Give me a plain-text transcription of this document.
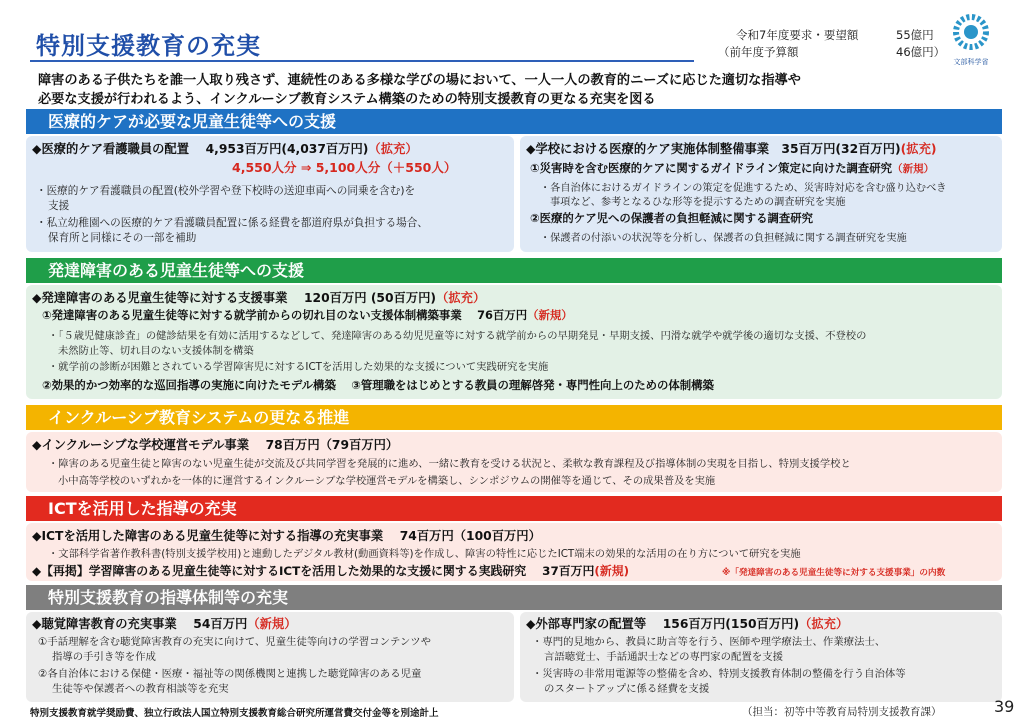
特別支援教育の充実	令和7年度要求・要望額	55億円
（前年度予算額	46億円）
文部科学省
障害のある子供たちを誰一人取り残さず、連続性のある多様な学びの場において、一人一人の教育的ニーズに応じた適切な指導や
必要な支援が行われるよう、インクルーシブ教育システム構築のための特別支援教育の更なる充実を図る
医療的ケアが必要な児童生徒等への支援
◆医療的ケア看護職員の配置　 4,953百万円(4,037百万円)（拡充）
4,550人分 ⇒ 5,100人分（＋550人）
・医療的ケア看護職員の配置(校外学習や登下校時の送迎車両への同乗を含む)を
支援
・私立幼稚園への医療的ケア看護職員配置に係る経費を都道府県が負担する場合、
保育所と同様にその一部を補助
◆学校における医療的ケア実施体制整備事業　35百万円(32百万円)(拡充)
①災害時を含む医療的ケアに関するガイドライン策定に向けた調査研究（新規）
・各自治体におけるガイドラインの策定を促進するため、災害時対応を含む盛り込むべき
事項など、参考となるひな形等を提示するための調査研究を実施
②医療的ケア児への保護者の負担軽減に関する調査研究
・保護者の付添いの状況等を分析し、保護者の負担軽減に関する調査研究を実施
発達障害のある児童生徒等への支援
◆発達障害のある児童生徒等に対する支援事業　 120百万円 (50百万円)（拡充）
①発達障害のある児童生徒等に対する就学前からの切れ目のない支援体制構築事業　 76百万円（新規）
・「５歳児健康診査」の健診結果を有効に活用するなどして、発達障害のある幼児児童等に対する就学前からの早期発見・早期支援、円滑な就学や就学後の適切な支援、不登校の
未然防止等、切れ目のない支援体制を構築
・就学前の診断が困難とされている学習障害児に対するICTを活用した効果的な支援について実践研究を実施
②効果的かつ効率的な巡回指導の実施に向けたモデル構築　 ③管理職をはじめとする教員の理解啓発・専門性向上のための体制構築
インクルーシブ教育システムの更なる推進
◆インクルーシブな学校運営モデル事業　 78百万円（79百万円）
・障害のある児童生徒と障害のない児童生徒が交流及び共同学習を発展的に進め、一緒に教育を受ける状況と、柔軟な教育課程及び指導体制の実現を目指し、特別支援学校と
小中高等学校のいずれかを一体的に運営するインクルーシブな学校運営モデルを構築し、シンポジウムの開催等を通じて、その成果普及を実施
ICTを活用した指導の充実
◆ICTを活用した障害のある児童生徒等に対する指導の充実事業　 74百万円（100百万円）
・文部科学省著作教科書(特別支援学校用)と連動したデジタル教材(動画資料等)を作成し、障害の特性に応じたICT端末の効果的な活用の在り方について研究を実施
◆【再掲】学習障害のある児童生徒等に対するICTを活用した効果的な支援に関する実践研究　 37百万円(新規)	※「発達障害のある児童生徒等に対する支援事業」の内数
特別支援教育の指導体制等の充実
◆聴覚障害教育の充実事業　 54百万円（新規）
①手話理解を含む聴覚障害教育の充実に向けて、児童生徒等向けの学習コンテンツや
指導の手引き等を作成
②各自治体における保健・医療・福祉等の関係機関と連携した聴覚障害のある児童
生徒等や保護者への教育相談等を充実
◆外部専門家の配置等　 156百万円(150百万円)（拡充）
・専門的見地から、教員に助言等を行う、医師や理学療法士、作業療法士、
言語聴覚士、手話通訳士などの専門家の配置を支援
・災害時の非常用電源等の整備を含め、特別支援教育体制の整備を行う自治体等
のスタートアップに係る経費を支援
特別支援教育就学奨励費、独立行政法人国立特別支援教育総合研究所運営費交付金等を別途計上	（担当：初等中等教育局特別支援教育課）	39
